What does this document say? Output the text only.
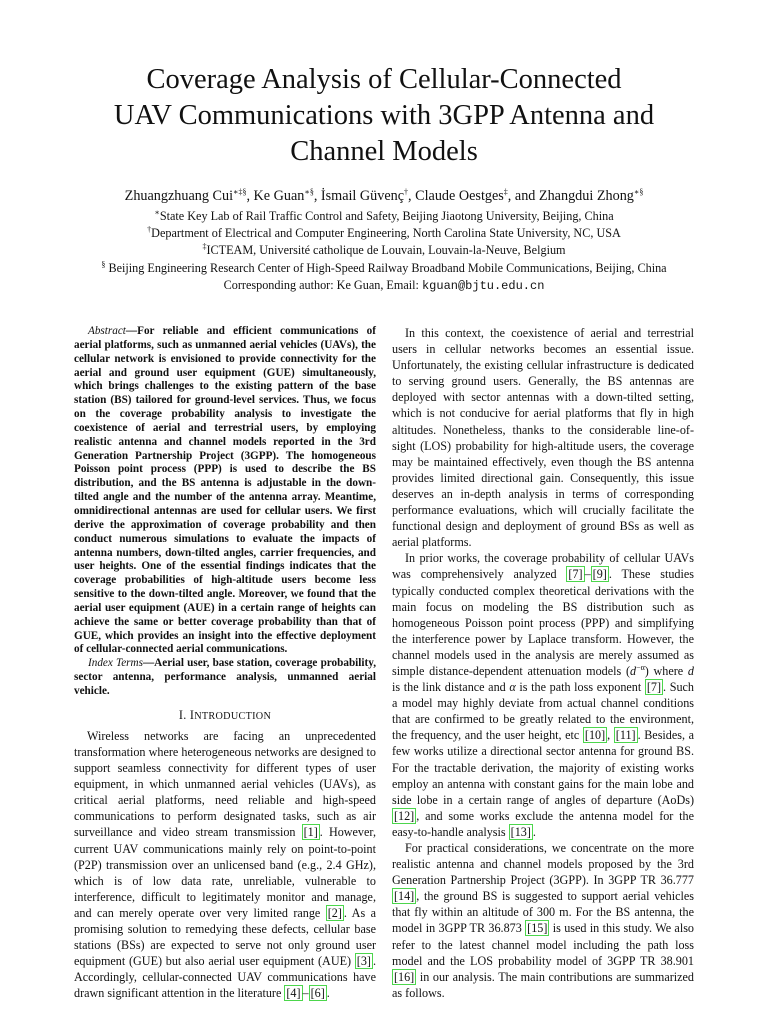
Coverage Analysis of Cellular-Connected
UAV Communications with 3GPP Antenna and
Channel Models
Zhuangzhuang Cui∗‡§, Ke Guan∗§, İsmail Güvenç†, Claude Oestges‡, and Zhangdui Zhong∗§
∗State Key Lab of Rail Traffic Control and Safety, Beijing Jiaotong University, Beijing, China
†Department of Electrical and Computer Engineering, North Carolina State University, NC, USA
‡ICTEAM, Université catholique de Louvain, Louvain-la-Neuve, Belgium
§ Beijing Engineering Research Center of High-Speed Railway Broadband Mobile Communications, Beijing, China
Corresponding author: Ke Guan, Email: kguan@bjtu.edu.cn

Abstract—For reliable and efficient communications of aerial platforms, such as unmanned aerial vehicles (UAVs), the cellular network is envisioned to provide connectivity for the aerial and ground user equipment (GUE) simultaneously, which brings challenges to the existing pattern of the base station (BS) tailored for ground-level services. Thus, we focus on the coverage probability analysis to investigate the coexistence of aerial and terrestrial users, by employing realistic antenna and channel models reported in the 3rd Generation Partnership Project (3GPP). The homogeneous Poisson point process (PPP) is used to describe the BS distribution, and the BS antenna is adjustable in the down-tilted angle and the number of the antenna array. Meantime, omnidirectional antennas are used for cellular users. We first derive the approximation of coverage probability and then conduct numerous simulations to evaluate the impacts of antenna numbers, down-tilted angles, carrier frequencies, and user heights. One of the essential findings indicates that the coverage probabilities of high-altitude users become less sensitive to the down-tilted angle. Moreover, we found that the aerial user equipment (AUE) in a certain range of heights can achieve the same or better coverage probability than that of GUE, which provides an insight into the effective deployment of cellular-connected aerial communications.

Index Terms—Aerial user, base station, coverage probability, sector antenna, performance analysis, unmanned aerial vehicle.

I. INTRODUCTION

Wireless networks are facing an unprecedented transformation where heterogeneous networks are designed to support seamless connectivity for different types of user equipment, in which unmanned aerial vehicles (UAVs), as critical aerial platforms, need reliable and high-speed communications to perform designated tasks, such as air surveillance and video stream transmission [1] . However, current UAV communications mainly rely on point-to-point (P2P) transmission over an unlicensed band (e.g., 2.4 GHz), which is of low data rate, unreliable, vulnerable to interference, difficult to legitimately monitor and manage, and can merely operate over very limited range [2] . As a promising solution to remedying these defects, cellular base stations (BSs) are expected to serve not only ground user equipment (GUE) but also aerial user equipment (AUE) [3] . Accordingly, cellular-connected UAV communications have drawn significant attention in the literature [4] – [6] .

In this context, the coexistence of aerial and terrestrial users in cellular networks becomes an essential issue. Unfortunately, the existing cellular infrastructure is dedicated to serving ground users. Generally, the BS antennas are deployed with sector antennas with a down-tilted setting, which is not conducive for aerial platforms that fly in high altitudes. Nonetheless, thanks to the considerable line-of-sight (LOS) probability for high-altitude users, the coverage may be maintained effectively, even though the BS antenna provides limited directional gain. Consequently, this issue deserves an in-depth analysis in terms of corresponding performance evaluations, which will crucially facilitate the functional design and deployment of ground BSs as well as aerial platforms.

In prior works, the coverage probability of cellular UAVs was comprehensively analyzed [7] – [9] . These studies typically conducted complex theoretical derivations with the main focus on modeling the BS distribution such as homogeneous Poisson point process (PPP) and simplifying the interference power by Laplace transform. However, the channel models used in the analysis are merely assumed as simple distance-dependent attenuation models $(d^{-\alpha})$ where d is the link distance and α is the path loss exponent [7] . Such a model may highly deviate from actual channel conditions that are confirmed to be greatly related to the environment, the frequency, and the user height, etc [10] , [11] . Besides, a few works utilize a directional sector antenna for ground BS. For the tractable derivation, the majority of existing works employ an antenna with constant gains for the main lobe and side lobe in a certain range of angles of departure (AoDs) [12] , and some works exclude the antenna model for the easy-to-handle analysis [13] .

For practical considerations, we concentrate on the more realistic antenna and channel models proposed by the 3rd Generation Partnership Project (3GPP). In 3GPP TR 36.777 [14] , the ground BS is suggested to support aerial vehicles that fly within an altitude of 300 m. For the BS antenna, the model in 3GPP TR 36.873 [15] is used in this study. We also refer to the latest channel model including the path loss model and the LOS probability model of 3GPP TR 38.901 [16] in our analysis. The main contributions are summarized as follows.
